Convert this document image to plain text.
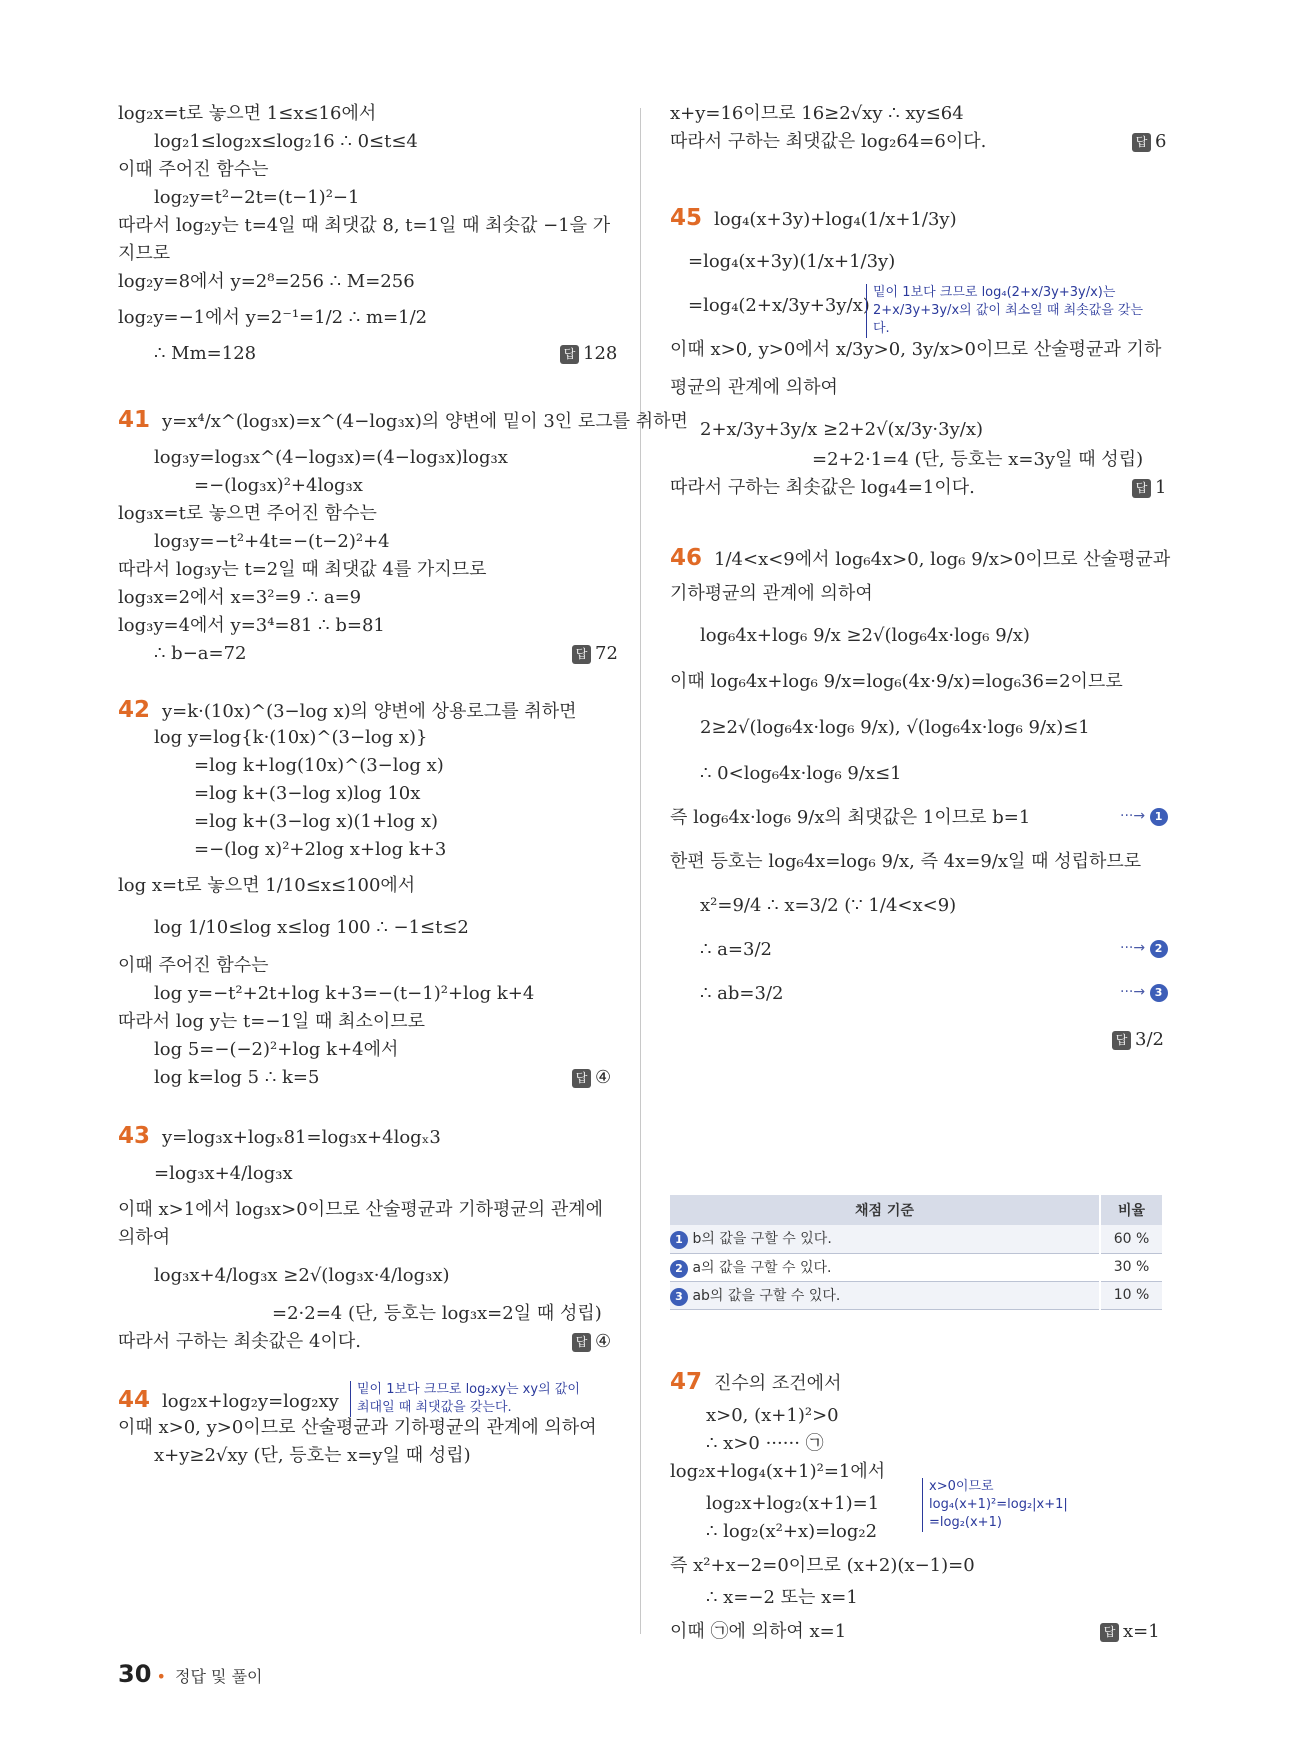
log₂x=t로 놓으면 1≤x≤16에서
log₂1≤log₂x≤log₂16 ∴ 0≤t≤4
이때 주어진 함수는
log₂y=t²−2t=(t−1)²−1
따라서 log₂y는 t=4일 때 최댓값 8, t=1일 때 최솟값 −1을 가
지므로
log₂y=8에서 y=2⁸=256 ∴ M=256
log₂y=−1에서 y=2⁻¹=1/2 ∴ m=1/2
∴ Mm=128	답 128
41 y=x⁴/x^(log₃x)=x^(4−log₃x)의 양변에 밑이 3인 로그를 취하면
log₃y=log₃x^(4−log₃x)=(4−log₃x)log₃x
=−(log₃x)²+4log₃x
log₃x=t로 놓으면 주어진 함수는
log₃y=−t²+4t=−(t−2)²+4
따라서 log₃y는 t=2일 때 최댓값 4를 가지므로
log₃x=2에서 x=3²=9 ∴ a=9
log₃y=4에서 y=3⁴=81 ∴ b=81
∴ b−a=72	답 72
42 y=k·(10x)^(3−log x)의 양변에 상용로그를 취하면
log y=log{k·(10x)^(3−log x)}
=log k+log(10x)^(3−log x)
=log k+(3−log x)log 10x
=log k+(3−log x)(1+log x)
=−(log x)²+2log x+log k+3
log x=t로 놓으면 1/10≤x≤100에서
log 1/10≤log x≤log 100 ∴ −1≤t≤2
이때 주어진 함수는
log y=−t²+2t+log k+3=−(t−1)²+log k+4
따라서 log y는 t=−1일 때 최소이므로
log 5=−(−2)²+log k+4에서
log k=log 5 ∴ k=5	답 ④
43 y=log₃x+logₓ81=log₃x+4logₓ3
=log₃x+4/log₃x
이때 x>1에서 log₃x>0이므로 산술평균과 기하평균의 관계에
의하여
log₃x+4/log₃x ≥2√(log₃x·4/log₃x)
=2·2=4 (단, 등호는 log₃x=2일 때 성립)
따라서 구하는 최솟값은 4이다.	답 ④
44 log₂x+log₂y=log₂xy
밑이 1보다 크므로 log₂xy는 xy의 값이
최대일 때 최댓값을 갖는다.
이때 x>0, y>0이므로 산술평균과 기하평균의 관계에 의하여
x+y≥2√xy (단, 등호는 x=y일 때 성립)
x+y=16이므로 16≥2√xy ∴ xy≤64
따라서 구하는 최댓값은 log₂64=6이다.	답 6
45 log₄(x+3y)+log₄(1/x+1/3y)
=log₄(x+3y)(1/x+1/3y)
=log₄(2+x/3y+3y/x)
밑이 1보다 크므로 log₄(2+x/3y+3y/x)는
2+x/3y+3y/x의 값이 최소일 때 최솟값을 갖는다.
이때 x>0, y>0에서 x/3y>0, 3y/x>0이므로 산술평균과 기하
평균의 관계에 의하여
2+x/3y+3y/x ≥2+2√(x/3y·3y/x)
=2+2·1=4 (단, 등호는 x=3y일 때 성립)
따라서 구하는 최솟값은 log₄4=1이다.	답 1
46 1/4<x<9에서 log₆4x>0, log₆ 9/x>0이므로 산술평균과
기하평균의 관계에 의하여
log₆4x+log₆ 9/x ≥2√(log₆4x·log₆ 9/x)
이때 log₆4x+log₆ 9/x=log₆(4x·9/x)=log₆36=2이므로
2≥2√(log₆4x·log₆ 9/x), √(log₆4x·log₆ 9/x)≤1
∴ 0<log₆4x·log₆ 9/x≤1
즉 log₆4x·log₆ 9/x의 최댓값은 1이므로 b=1	···→ 1
한편 등호는 log₆4x=log₆ 9/x, 즉 4x=9/x일 때 성립하므로
x²=9/4 ∴ x=3/2 (∵ 1/4<x<9)
∴ a=3/2	···→ 2
∴ ab=3/2	···→ 3
답 3/2
채점 기준	비율
1 b의 값을 구할 수 있다.	60 %
2 a의 값을 구할 수 있다.	30 %
3 ab의 값을 구할 수 있다.	10 %
47 진수의 조건에서
x>0, (x+1)²>0
∴ x>0 ······ ㉠
log₂x+log₄(x+1)²=1에서
log₂x+log₂(x+1)=1
x>0이므로
log₄(x+1)²=log₂|x+1|
=log₂(x+1)
∴ log₂(x²+x)=log₂2
즉 x²+x−2=0이므로 (x+2)(x−1)=0
∴ x=−2 또는 x=1
이때 ㉠에 의하여 x=1	답 x=1
30 • 정답 및 풀이
